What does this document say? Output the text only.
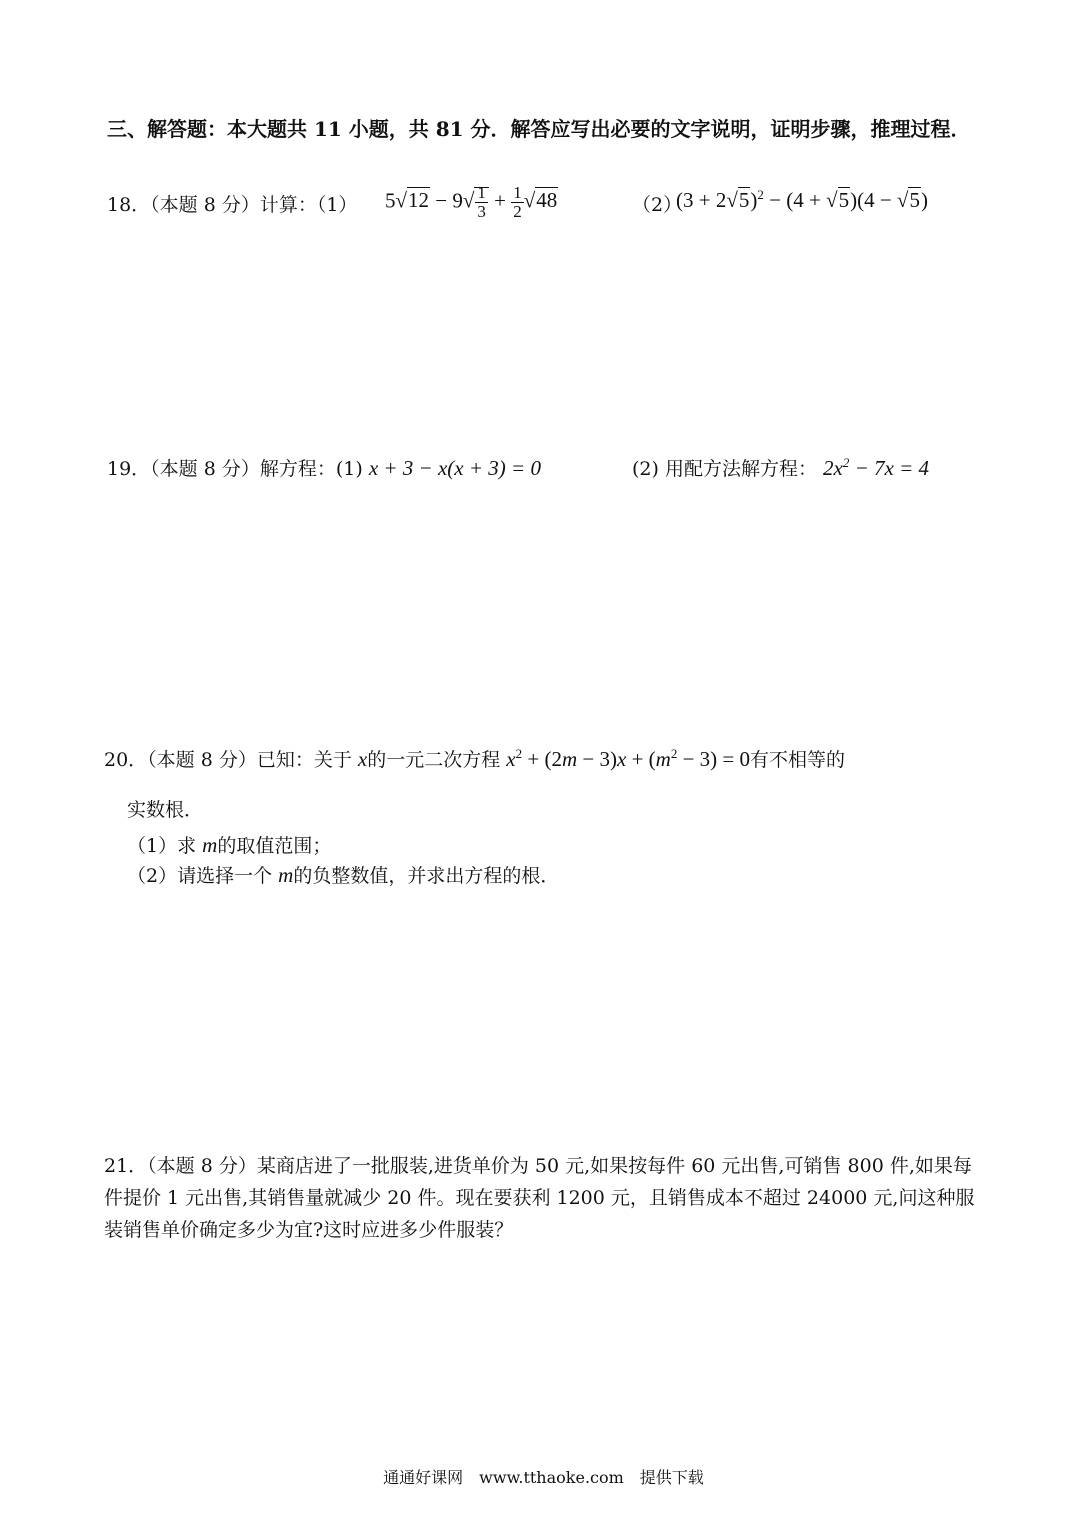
三、解答题：本大题共 11 小题，共 81 分．解答应写出必要的文字说明，证明步骤，推理过程．
18．（本题 8 分）计算：（1） $5√12 - 9√ \frac{1}{3} + \frac{1}{2} √48$	（2）
$(3 + 2√5)^2 - (4 + √5)(4 - √5)$
19．（本题 8 分）解方程：(1) x + 3 − x(x + 3) = 0	(2) 用配方法解方程： $2x^2 - 7x = 4$
20．（本题 8 分）已知：关于 x的一元二次方程 $x^2 + (2m - 3)x + (m^2 - 3) = 0$有不相等的
实数根．
（1）求 m的取值范围；
（2）请选择一个 m的负整数值，并求出方程的根．
21．（本题 8 分）某商店进了一批服装,进货单价为 50 元,如果按每件 60 元出售,可销售 800 件,如果每件提价 1 元出售,其销售量就减少 20 件。现在要获利 1200 元，且销售成本不超过 24000 元,问这种服装销售单价确定多少为宜?这时应进多少件服装？
通通好课网　www.tthaoke.com　提供下载
